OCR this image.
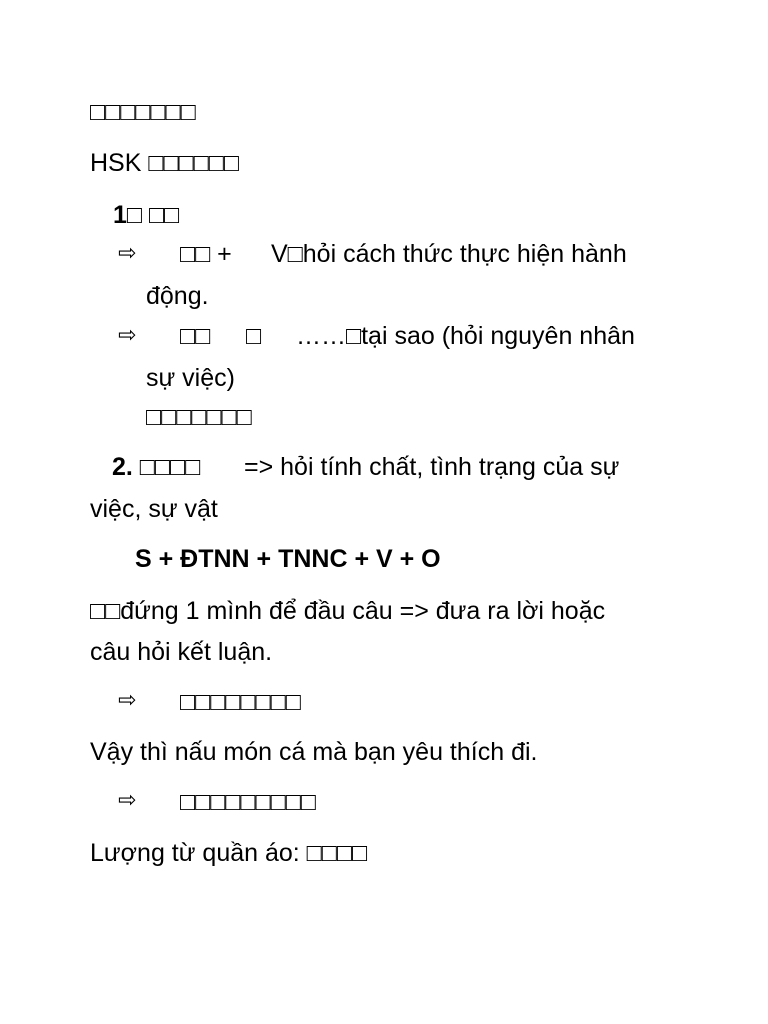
□□□□□□□
HSK □□□□□□
1□ □□
⇨ □□ + V□hỏi cách thức thực hiện hành
động.
⇨ □□ □ ……□tại sao (hỏi nguyên nhân
sự việc)
□□□□□□□
2. □□□□ => hỏi tính chất, tình trạng của sự
việc, sự vật
S + ĐTNN + TNNC + V + O
□□đứng 1 mình để đầu câu => đưa ra lời hoặc
câu hỏi kết luận.
⇨ □□□□□□□□
Vậy thì nấu món cá mà bạn yêu thích đi.
⇨ □□□□□□□□□
Lượng từ quần áo: □□□□
